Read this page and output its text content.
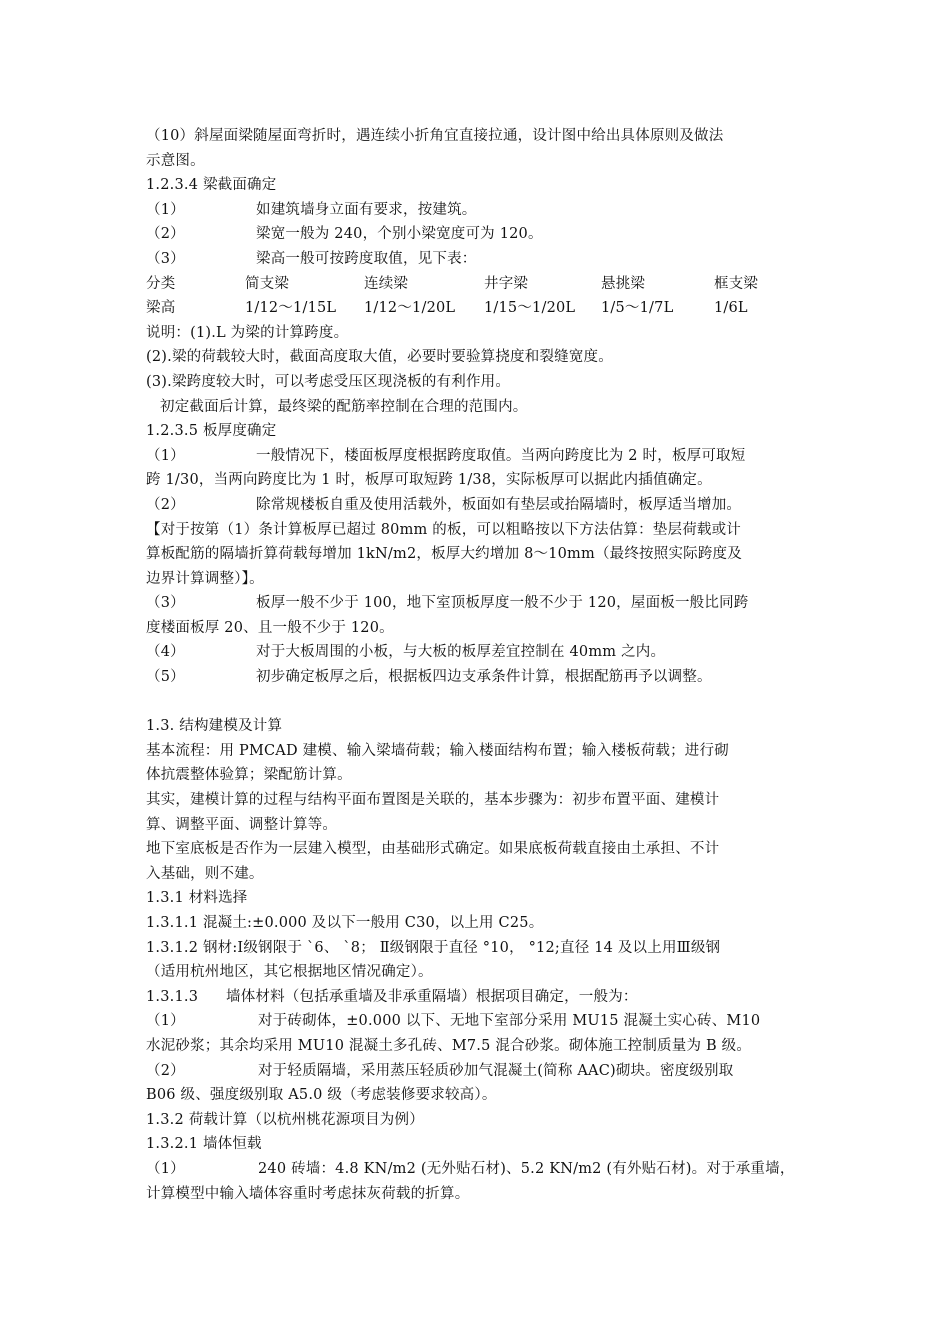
（10）斜屋面梁随屋面弯折时，遇连续小折角宜直接拉通，设计图中给出具体原则及做法
示意图。
1.2.3.4 梁截面确定
（1）	如建筑墙身立面有要求，按建筑。
（2）	梁宽一般为 240，个别小梁宽度可为 120。
（3）	梁高一般可按跨度取值，见下表：
分类	简支梁	连续梁	井字梁	悬挑梁	框支梁
梁高	1/12～1/15L 1/12～1/20L 1/15～1/20L 1/5～1/7L	1/6L
说明：(1).L 为梁的计算跨度。
(2).梁的荷载较大时，截面高度取大值，必要时要验算挠度和裂缝宽度。
(3).梁跨度较大时，可以考虑受压区现浇板的有利作用。
初定截面后计算，最终梁的配筋率控制在合理的范围内。
1.2.3.5 板厚度确定
（1）	一般情况下，楼面板厚度根据跨度取值。当两向跨度比为 2 时，板厚可取短
跨 1/30，当两向跨度比为 1 时，板厚可取短跨 1/38，实际板厚可以据此内插值确定。
（2）	除常规楼板自重及使用活载外，板面如有垫层或抬隔墙时，板厚适当增加。
【对于按第（1）条计算板厚已超过 80mm 的板，可以粗略按以下方法估算：垫层荷载或计
算板配筋的隔墙折算荷载每增加 1kN/m2，板厚大约增加 8～10mm（最终按照实际跨度及
边界计算调整）】。
（3）	板厚一般不少于 100，地下室顶板厚度一般不少于 120，屋面板一般比同跨
度楼面板厚 20、且一般不少于 120。
（4）	对于大板周围的小板，与大板的板厚差宜控制在 40mm 之内。
（5）	初步确定板厚之后，根据板四边支承条件计算，根据配筋再予以调整。
1.3. 结构建模及计算
基本流程：用 PMCAD 建模、输入梁墙荷载；输入楼面结构布置；输入楼板荷载；进行砌
体抗震整体验算；梁配筋计算。
其实，建模计算的过程与结构平面布置图是关联的，基本步骤为：初步布置平面、建模计
算、调整平面、调整计算等。
地下室底板是否作为一层建入模型，由基础形式确定。如果底板荷载直接由土承担、不计
入基础，则不建。
1.3.1 材料选择
1.3.1.1 混凝土:±0.000 及以下一般用 C30，以上用 C25。
1.3.1.2 钢材:Ⅰ级钢限于 ˋ6、 ˋ8； Ⅱ级钢限于直径 °10， °12;直径 14 及以上用Ⅲ级钢
（适用杭州地区，其它根据地区情况确定）。
1.3.1.3	墙体材料（包括承重墙及非承重隔墙）根据项目确定，一般为：
（1）	对于砖砌体，±0.000 以下、无地下室部分采用 MU15 混凝土实心砖、M10
水泥砂浆；其余均采用 MU10 混凝土多孔砖、M7.5 混合砂浆。砌体施工控制质量为 B 级。
（2）	对于轻质隔墙，采用蒸压轻质砂加气混凝土(简称 AAC)砌块。密度级别取
B06 级、强度级别取 A5.0 级（考虑装修要求较高）。
1.3.2 荷载计算（以杭州桃花源项目为例）
1.3.2.1 墙体恒载
（1）	240 砖墙：4.8 KN/m2 (无外贴石材)、5.2 KN/m2 (有外贴石材)。对于承重墙，
计算模型中输入墙体容重时考虑抹灰荷载的折算。
